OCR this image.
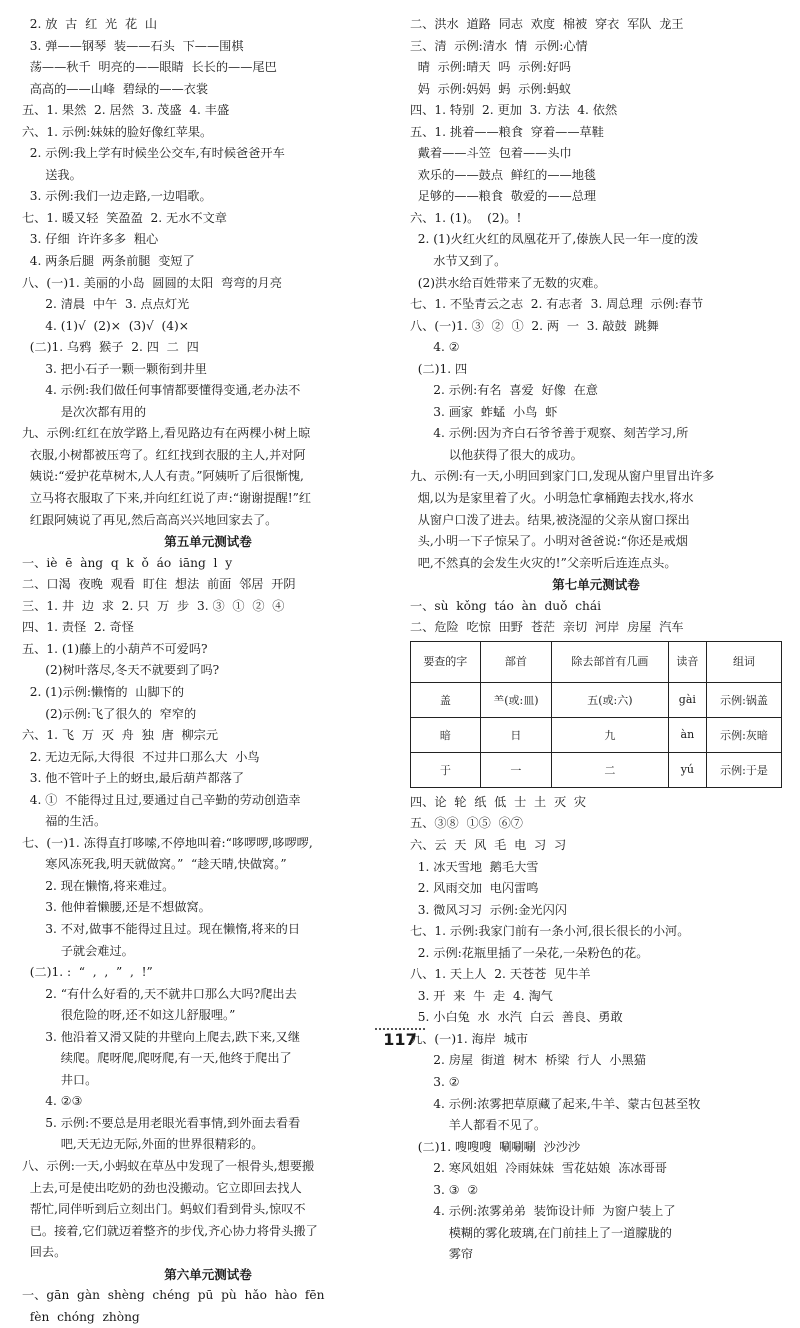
2. 放  古  红  光  花  山
3. 弹——钢琴  装——石头  下——围棋
荡——秋千  明亮的——眼睛  长长的——尾巴
高高的——山峰  碧绿的——衣裳
五、1. 果然  2. 居然  3. 茂盛  4. 丰盛
六、1. 示例:妹妹的脸好像红苹果。
2. 示例:我上学有时候坐公交车,有时候爸爸开车
送我。
3. 示例:我们一边走路,一边唱歌。
七、1. 暖又轻  笑盈盈  2. 无水不文章
3. 仔细  许许多多  粗心
4. 两条后腿  两条前腿  变短了
八、(一)1. 美丽的小岛  圆圆的太阳  弯弯的月亮
2. 清晨  中午  3. 点点灯光
4. (1)√  (2)×  (3)√  (4)×
(二)1. 乌鸦  猴子  2. 四  二  四
3. 把小石子一颗一颗衔到井里
4. 示例:我们做任何事情都要懂得变通,老办法不
是次次都有用的
九、示例:红红在放学路上,看见路边有在两棵小树上晾
衣服,小树都被压弯了。红红找到衣服的主人,并对阿
姨说:“爱护花草树木,人人有责。”阿姨听了后很惭愧,
立马将衣服取了下来,并向红红说了声:“谢谢提醒!”红
红跟阿姨说了再见,然后高高兴兴地回家去了。
第五单元测试卷
一、iè  ē  àng  q  k  ǒ  áo  iāng  l  y
二、口渴  夜晚  观看  盯住  想法  前面  邻居  开阴
三、1. 井  边  求  2. 只  万  步  3. ③  ①  ②  ④
四、1. 责怪  2. 奇怪
五、1. (1)藤上的小葫芦不可爱吗?
(2)树叶落尽,冬天不就要到了吗?
2. (1)示例:懒惰的  山脚下的
(2)示例:飞了很久的  窄窄的
六、1. 飞  万  灭  舟  独  唐  柳宗元
2. 无边无际,大得很  不过井口那么大  小鸟
3. 他不管叶子上的蚜虫,最后葫芦都落了
4. ①  不能得过且过,要通过自己辛勤的劳动创造幸
福的生活。
七、(一)1. 冻得直打哆嗦,不停地叫着:“哆啰啰,哆啰啰,
寒风冻死我,明天就做窝。”  “趁天晴,快做窝。”
2. 现在懒惰,将来难过。
3. 他伸着懒腰,还是不想做窝。
3. 不对,做事不能得过且过。现在懒惰,将来的日
子就会难过。
(二)1. :  “  ,  ,  ”  ,  !”
2. “有什么好看的,天不就井口那么大吗?爬出去
很危险的呀,还不如这儿舒服哩。”
3. 他沿着又滑又陡的井壁向上爬去,跌下来,又继
续爬。爬呀爬,爬呀爬,有一天,他终于爬出了
井口。
4. ②③
5. 示例:不要总是用老眼光看事情,到外面去看看
吧,天无边无际,外面的世界很精彩的。
八、示例:一天,小蚂蚁在草丛中发现了一根骨头,想要搬
上去,可是使出吃奶的劲也没搬动。它立即回去找人
帮忙,同伴听到后立刻出门。蚂蚁们看到骨头,惊叹不
已。接着,它们就迈着整齐的步伐,齐心协力将骨头搬了
回去。
第六单元测试卷
一、gān  gàn  shèng  chéng  pū  pù  hǎo  hào  fēn
fèn  chóng  zhòng
二、洪水  道路  同志  欢度  棉被  穿衣  军队  龙王
三、清  示例:清水  情  示例:心情
晴  示例:晴天  吗  示例:好吗
妈  示例:妈妈  蚂  示例:蚂蚁
四、1. 特别  2. 更加  3. 方法  4. 依然
五、1. 挑着——粮食  穿着——草鞋
戴着——斗笠  包着——头巾
欢乐的——鼓点  鲜红的——地毯
足够的——粮食  敬爱的——总理
六、1. (1)。  (2)。!
2. (1)火红火红的凤凰花开了,傣族人民一年一度的泼
水节又到了。
(2)洪水给百姓带来了无数的灾难。
七、1. 不坠青云之志  2. 有志者  3. 周总理  示例:春节
八、(一)1. ③  ②  ①  2. 两  一  3. 敲鼓  跳舞
4. ②
(二)1. 四
2. 示例:有名  喜爱  好像  在意
3. 画家  蚱蜢  小鸟  虾
4. 示例:因为齐白石爷爷善于观察、刻苦学习,所
以他获得了很大的成功。
九、示例:有一天,小明回到家门口,发现从窗户里冒出许多
烟,以为是家里着了火。小明急忙拿桶跑去找水,将水
从窗户口泼了进去。结果,被浇湿的父亲从窗口探出
头,小明一下子惊呆了。小明对爸爸说:“你还是戒烟
吧,不然真的会发生火灾的!”父亲听后连连点头。
第七单元测试卷
一、sù  kǒng  táo  àn  duǒ  chái
二、危险  吃惊  田野  苍茫  亲切  河岸  房屋  汽车
要查的字	部首	除去部首有几画	读音	组词
盖	⺷(或:皿)	五(或:六)	gài	示例:锅盖
暗	日	九	àn	示例:灰暗
于	一	二	yú	示例:于是
四、论  轮  纸  低  士  土  灭  灾
五、③⑧  ①⑤  ⑥⑦
六、云  天  风  毛  电  习  习
1. 冰天雪地  鹅毛大雪
2. 风雨交加  电闪雷鸣
3. 微风习习  示例:金光闪闪
七、1. 示例:我家门前有一条小河,很长很长的小河。
2. 示例:花瓶里插了一朵花,一朵粉色的花。
八、1. 天上人  2. 天苍苍  见牛羊
3. 开  来  牛  走  4. 淘气
5. 小白兔  水  水汽  白云  善良、勇敢
九、(一)1. 海岸  城市
2. 房屋  街道  树木  桥梁  行人  小黑猫
3. ②
4. 示例:浓雾把草原藏了起来,牛羊、蒙古包甚至牧
羊人都看不见了。
(二)1. 嗖嗖嗖  唰唰唰  沙沙沙
2. 寒风姐姐  冷雨妹妹  雪花姑娘  冻冰哥哥
3. ③  ②
4. 示例:浓雾弟弟  装饰设计师  为窗户装上了
模糊的雾化玻璃,在门前挂上了一道朦胧的
雾帘
117
